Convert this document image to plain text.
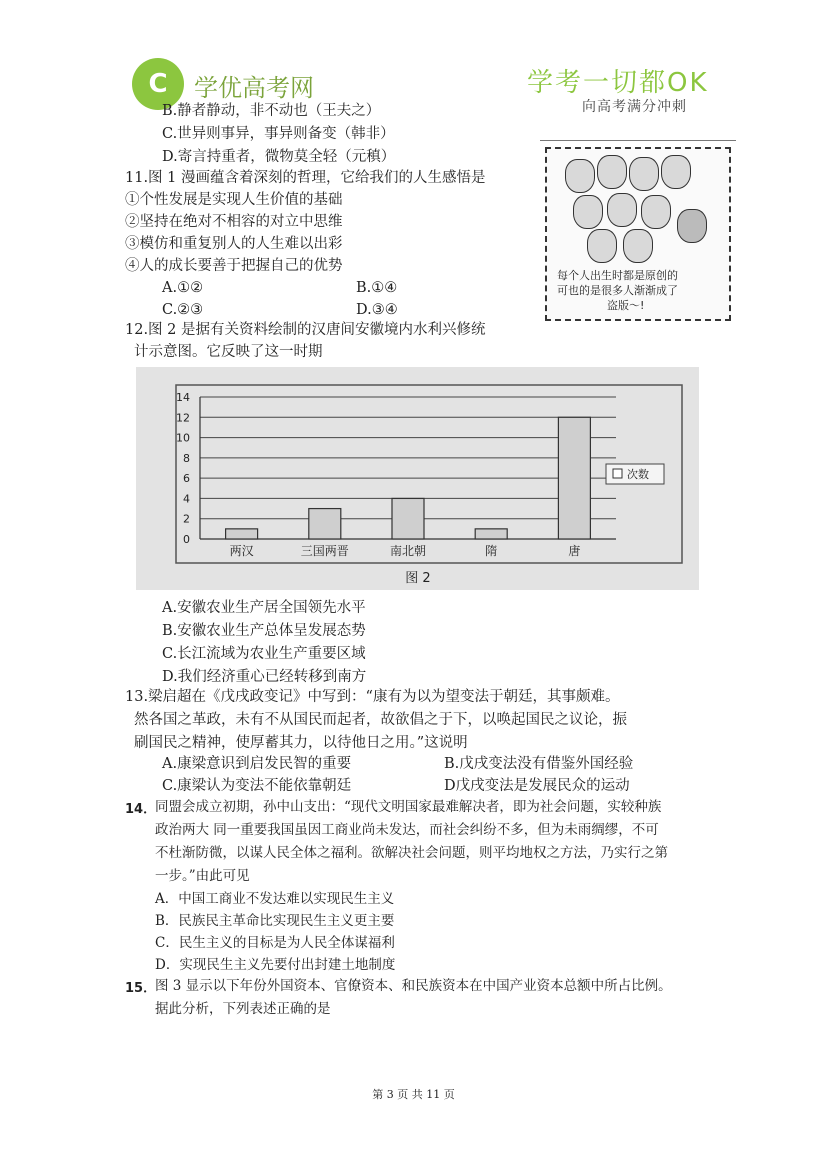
C	学优高考网	学考一切都OK
向高考满分冲刺
B.静者静动，非不动也（王夫之）
C.世异则事异，事异则备变（韩非）
D.寄言持重者，微物莫全轻（元稹）
11.图 1 漫画蕴含着深刻的哲理，它给我们的人生感悟是
①个性发展是实现人生价值的基础
②坚持在绝对不相容的对立中思维
③模仿和重复别人的人生难以出彩
④人的成长要善于把握自己的优势
A.①②	B.①④
C.②③	D.③④
每个人出生时都是原创的
可也的是很多人渐渐成了
盗版～!
12.图 2 是据有关资料绘制的汉唐间安徽境内水利兴修统
计示意图。它反映了这一时期
0
2
4
6
8
10
12
14
两汉	三国两晋	南北朝	隋	唐
次数
图 2
A.安徽农业生产居全国领先水平
B.安徽农业生产总体呈发展态势
C.长江流域为农业生产重要区域
D.我们经济重心已经转移到南方
13.梁启超在《戊戌政变记》中写到：“康有为以为望变法于朝廷，其事颇难。
然各国之革政，未有不从国民而起者，故欲倡之于下，以唤起国民之议论，振
刷国民之精神，使厚蓄其力，以待他日之用。”这说明
A.康梁意识到启发民智的重要	B.戊戌变法没有借鉴外国经验
C.康梁认为变法不能依靠朝廷	D戊戌变法是发展民众的运动
14．
同盟会成立初期，孙中山支出：“现代文明国家最难解决者，即为社会问题，实较种族
政治两大 同一重要我国虽因工商业尚未发达，而社会纠纷不多，但为未雨绸缪，不可
不杜渐防微，以谋人民全体之福利。欲解决社会问题，则平均地权之方法，乃实行之第
一步。”由此可见
A．中国工商业不发达难以实现民生主义
B．民族民主革命比实现民生主义更主要
C．民生主义的目标是为人民全体谋福利
D．实现民生主义先要付出封建土地制度
15．
图 3 显示以下年份外国资本、官僚资本、和民族资本在中国产业资本总额中所占比例。
据此分析，下列表述正确的是
第 3 页 共 11 页
